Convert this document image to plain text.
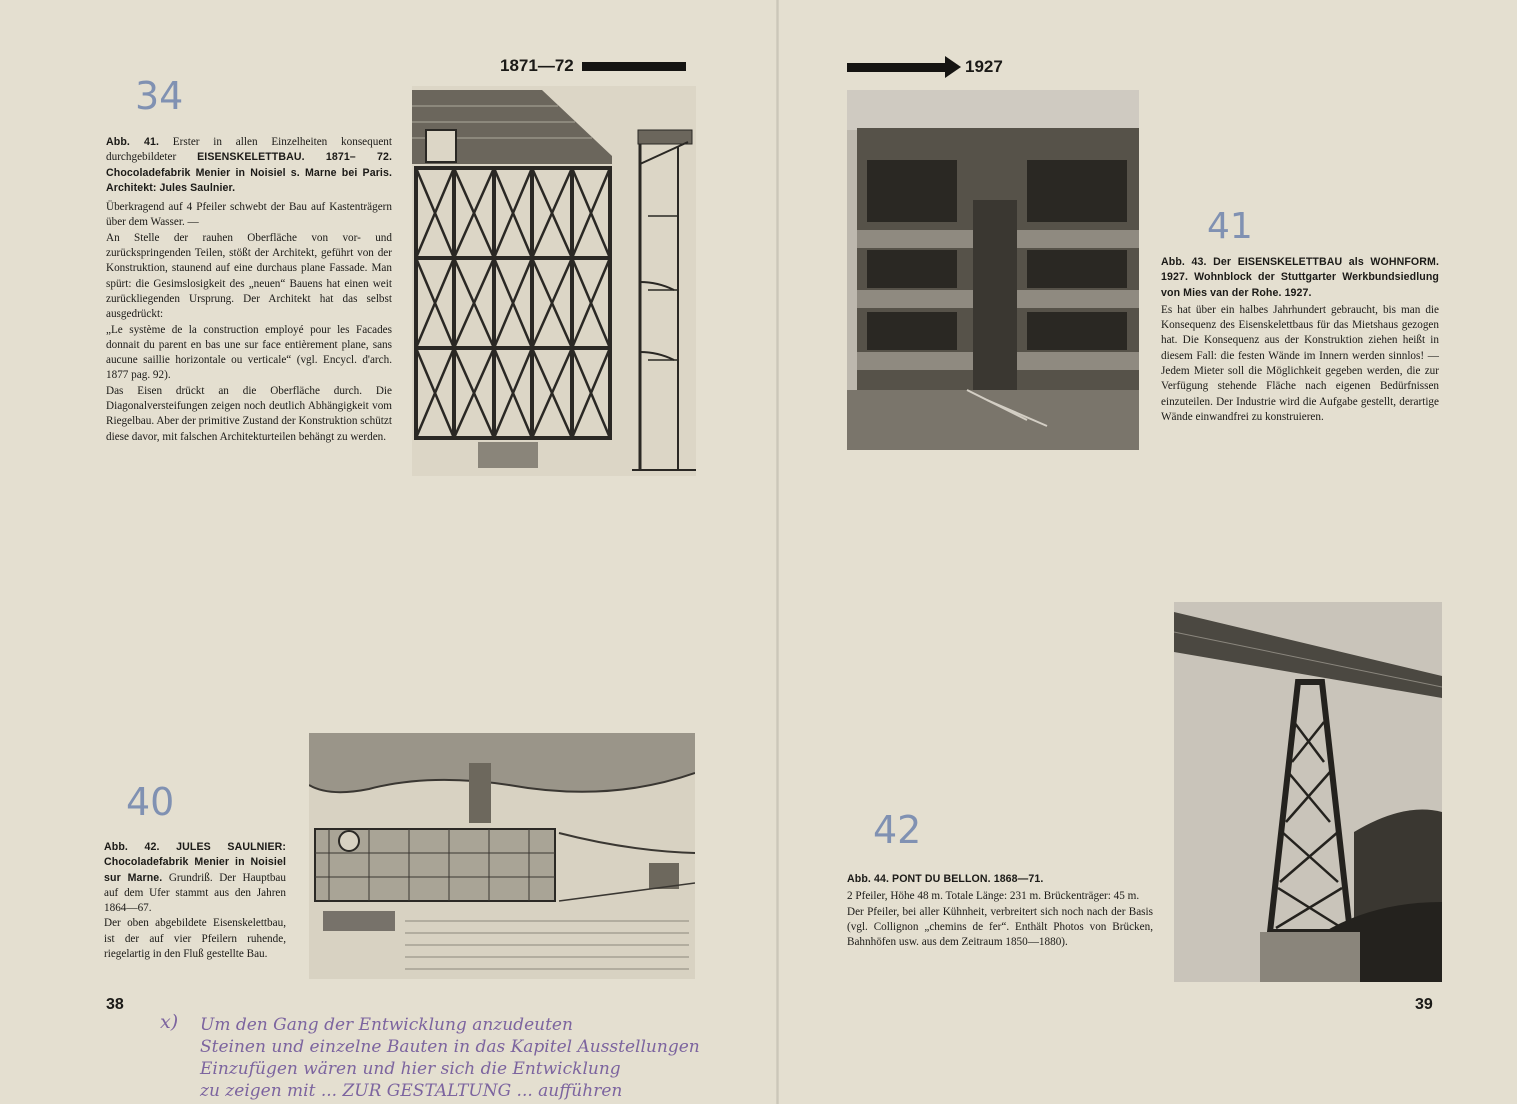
1871—72
34

Abb. 41. Erster in allen Einzelheiten konsequent durchgebildeter EISENSKELETTBAU. 1871– 72. Chocoladefabrik Menier in Noisiel s. Marne bei Paris. Architekt: Jules Saulnier.

Überkragend auf 4 Pfeiler schwebt der Bau auf Kastenträgern über dem Wasser. —

An Stelle der rauhen Oberfläche von vor- und zurückspringenden Teilen, stößt der Architekt, geführt von der Konstruktion, staunend auf eine durchaus plane Fassade. Man spürt: die Gesimslosigkeit des „neuen“ Bauens hat einen weit zurückliegenden Ursprung. Der Architekt hat das selbst ausgedrückt:

„Le système de la construction employé pour les Facades donnait du parent en bas une sur face entièrement plane, sans aucune saillie horizontale ou verticale“ (vgl. Encycl. d'arch. 1877 pag. 92).

Das Eisen drückt an die Oberfläche durch. Die Diagonalversteifungen zeigen noch deutlich Abhängigkeit vom Riegelbau. Aber der primitive Zustand der Konstruktion schützt diese davor, mit falschen Architekturteilen behängt zu werden.

40

Abb. 42. JULES SAULNIER: Chocoladefabrik Menier in Noisiel sur Marne. Grundriß. Der Hauptbau auf dem Ufer stammt aus den Jahren 1864—67.

Der oben abgebildete Eisenskelettbau, ist der auf vier Pfeilern ruhende, riegelartig in den Fluß gestellte Bau.

38
x) Um den Gang der Entwicklung anzudeuten
Steinen und einzelne Bauten in das Kapitel Ausstellungen
Einzufügen wären und hier sich die Entwicklung
zu zeigen mit ... ZUR GESTALTUNG ... aufführen
1927
41

Abb. 43. Der EISENSKELETTBAU als WOHNFORM. 1927. Wohnblock der Stuttgarter Werkbundsiedlung von Mies van der Rohe. 1927.

Es hat über ein halbes Jahrhundert gebraucht, bis man die Konsequenz des Eisenskelettbaus für das Mietshaus gezogen hat. Die Konsequenz aus der Konstruktion ziehen heißt in diesem Fall: die festen Wände im Innern werden sinnlos! — Jedem Mieter soll die Möglichkeit gegeben werden, die zur Verfügung stehende Fläche nach eigenen Bedürfnissen einzuteilen. Der Industrie wird die Aufgabe gestellt, derartige Wände einwandfrei zu konstruieren.

42

Abb. 44. PONT DU BELLON. 1868—71.

2 Pfeiler, Höhe 48 m. Totale Länge: 231 m. Brückenträger: 45 m.

Der Pfeiler, bei aller Kühnheit, verbreitert sich noch nach der Basis (vgl. Collignon „chemins de fer“. Enthält Photos von Brücken, Bahnhöfen usw. aus dem Zeitraum 1850—1880).

39
